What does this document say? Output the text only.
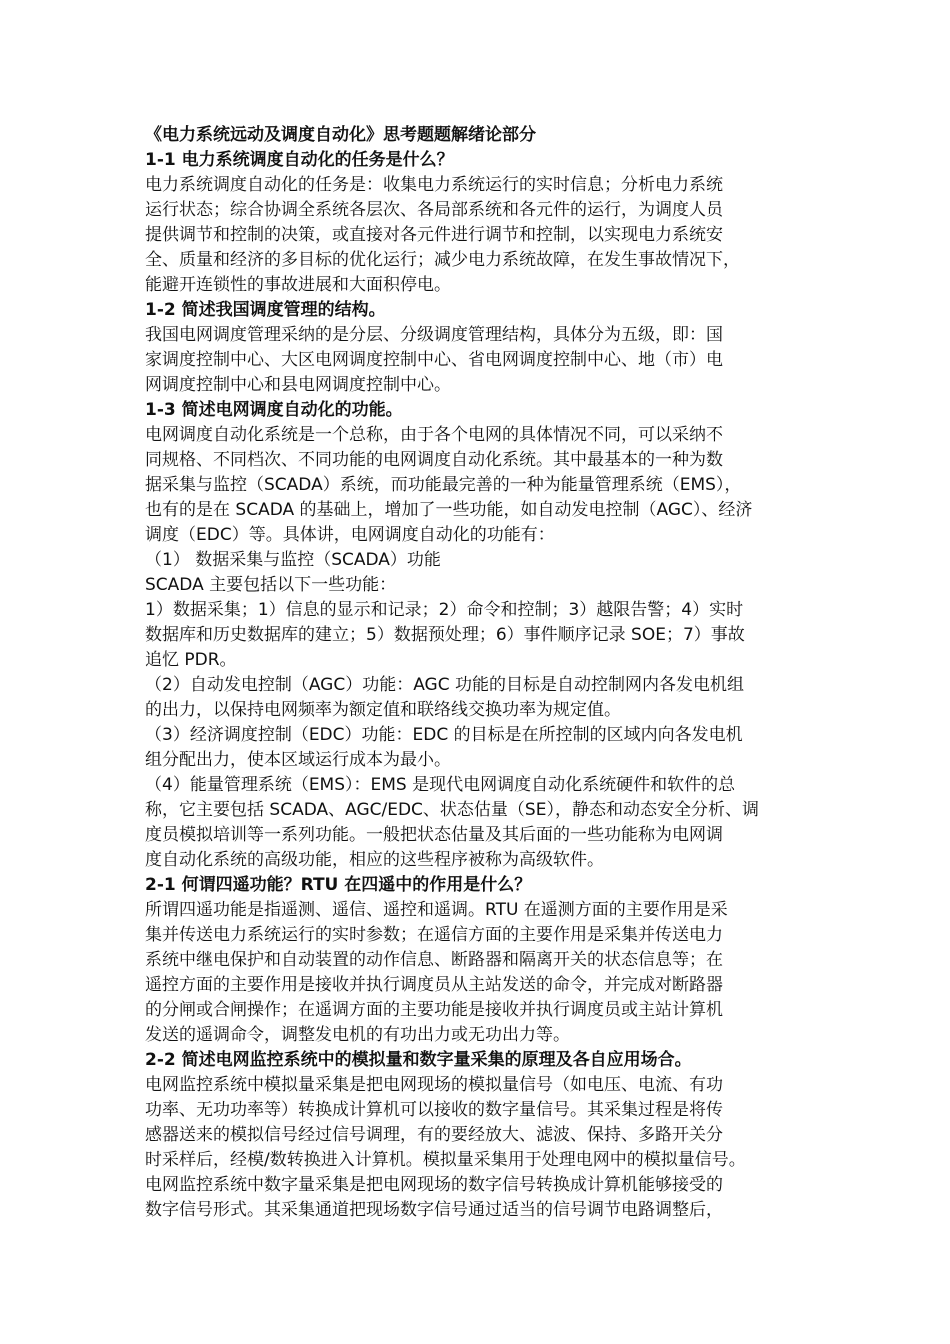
《电力系统远动及调度自动化》思考题题解绪论部分
1-1 电力系统调度自动化的任务是什么？
电力系统调度自动化的任务是：收集电力系统运行的实时信息；分析电力系统
运行状态；综合协调全系统各层次、各局部系统和各元件的运行，为调度人员
提供调节和控制的决策，或直接对各元件进行调节和控制，以实现电力系统安
全、质量和经济的多目标的优化运行；减少电力系统故障，在发生事故情况下，
能避开连锁性的事故进展和大面积停电。
1-2 简述我国调度管理的结构。
我国电网调度管理采纳的是分层、分级调度管理结构，具体分为五级，即：国
家调度控制中心、大区电网调度控制中心、省电网调度控制中心、地（市）电
网调度控制中心和县电网调度控制中心。
1-3 简述电网调度自动化的功能。
电网调度自动化系统是一个总称，由于各个电网的具体情况不同，可以采纳不
同规格、不同档次、不同功能的电网调度自动化系统。其中最基本的一种为数
据采集与监控（SCADA）系统，而功能最完善的一种为能量管理系统（EMS），
也有的是在 SCADA 的基础上，增加了一些功能，如自动发电控制（AGC）、经济
调度（EDC）等。具体讲，电网调度自动化的功能有：
（1） 数据采集与监控（SCADA）功能
SCADA 主要包括以下一些功能：
1）数据采集；1）信息的显示和记录；2）命令和控制；3）越限告警；4）实时
数据库和历史数据库的建立；5）数据预处理；6）事件顺序记录 SOE；7）事故
追忆 PDR。
（2）自动发电控制（AGC）功能：AGC 功能的目标是自动控制网内各发电机组
的出力，以保持电网频率为额定值和联络线交换功率为规定值。
（3）经济调度控制（EDC）功能：EDC 的目标是在所控制的区域内向各发电机
组分配出力，使本区域运行成本为最小。
（4）能量管理系统（EMS）：EMS 是现代电网调度自动化系统硬件和软件的总
称，它主要包括 SCADA、AGC/EDC、状态估量（SE），静态和动态安全分析、调
度员模拟培训等一系列功能。一般把状态估量及其后面的一些功能称为电网调
度自动化系统的高级功能，相应的这些程序被称为高级软件。
2-1 何谓四遥功能？RTU 在四遥中的作用是什么？
所谓四遥功能是指遥测、遥信、遥控和遥调。RTU 在遥测方面的主要作用是采
集并传送电力系统运行的实时参数；在遥信方面的主要作用是采集并传送电力
系统中继电保护和自动装置的动作信息、断路器和隔离开关的状态信息等；在
遥控方面的主要作用是接收并执行调度员从主站发送的命令，并完成对断路器
的分闸或合闸操作；在遥调方面的主要功能是接收并执行调度员或主站计算机
发送的遥调命令，调整发电机的有功出力或无功出力等。
2-2 简述电网监控系统中的模拟量和数字量采集的原理及各自应用场合。
电网监控系统中模拟量采集是把电网现场的模拟量信号（如电压、电流、有功
功率、无功功率等）转换成计算机可以接收的数字量信号。其采集过程是将传
感器送来的模拟信号经过信号调理，有的要经放大、滤波、保持、多路开关分
时采样后，经模/数转换进入计算机。模拟量采集用于处理电网中的模拟量信号。
电网监控系统中数字量采集是把电网现场的数字信号转换成计算机能够接受的
数字信号形式。其采集通道把现场数字信号通过适当的信号调节电路调整后，
